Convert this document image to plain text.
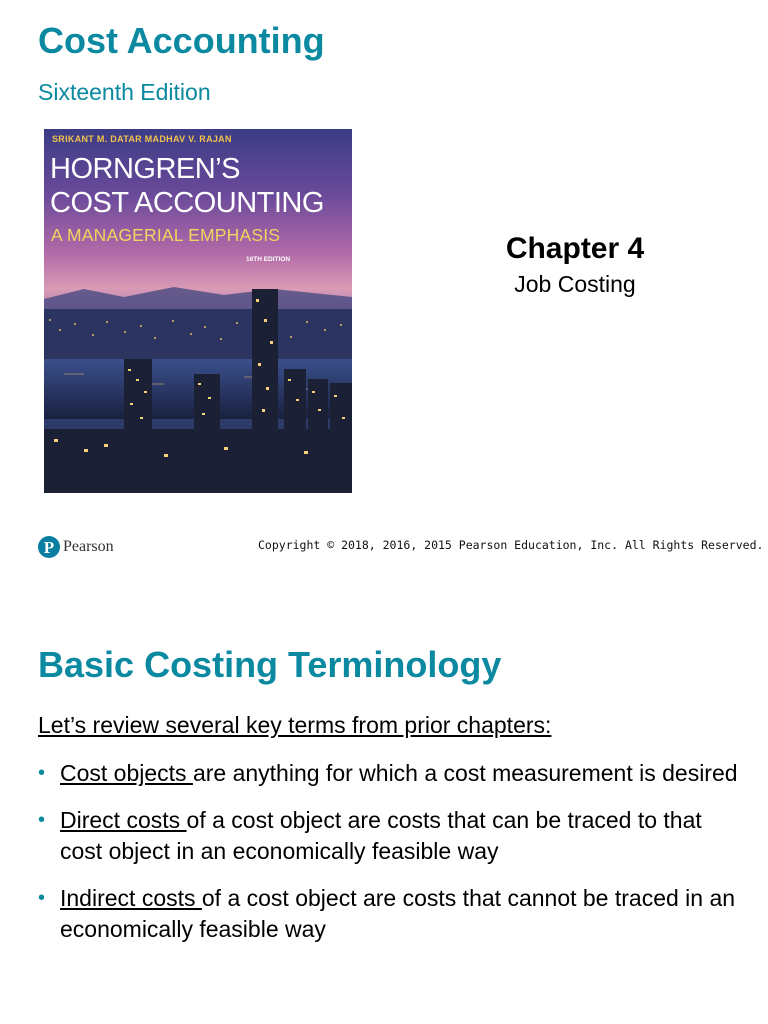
Cost Accounting
Sixteenth Edition
SRIKANT M. DATAR MADHAV V. RAJAN
HORNGREN’S
COST ACCOUNTING
A MANAGERIAL EMPHASIS
16TH EDITION	Chapter 4
Job Costing
P Pearson	Copyright © 2018, 2016, 2015 Pearson Education, Inc. All Rights Reserved.
Basic Costing Terminology
Let’s review several key terms from prior chapters:
• Cost objects are anything for which a cost measurement is desired
• Direct costs of a cost object are costs that can be traced to that cost object in an economically feasible way
• Indirect costs of a cost object are costs that cannot be traced in an economically feasible way
